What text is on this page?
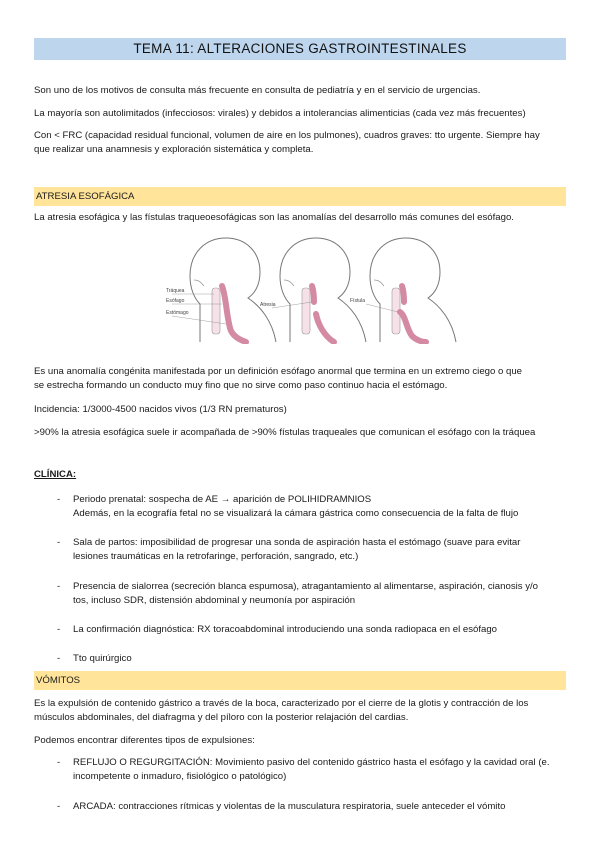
TEMA 11: ALTERACIONES GASTROINTESTINALES
Son uno de los motivos de consulta más frecuente en consulta de pediatría y en el servicio de urgencias.
La mayoría son autolimitados (infecciosos: virales) y debidos a intolerancias alimenticias (cada vez más frecuentes)
Con < FRC (capacidad residual funcional, volumen de aire en los pulmones), cuadros graves: tto urgente. Siempre hay
que realizar una anamnesis y exploración sistemática y completa.
ATRESIA ESOFÁGICA
La atresia esofágica y las fístulas traqueoesofágicas son las anomalías del desarrollo más comunes del esófago.
Tráquea
Esófago
Estómago
Atresia
Fístula
Es una anomalía congénita manifestada por un definición esófago anormal que termina en un extremo ciego o que
se estrecha formando un conducto muy fino que no sirve como paso continuo hacia el estómago.
Incidencia: 1/3000-4500 nacidos vivos (1/3 RN prematuros)
>90% la atresia esofágica suele ir acompañada de >90% fístulas traqueales que comunican el esófago con la tráquea
CLÍNICA:
- Periodo prenatal: sospecha de AE → aparición de POLIHIDRAMNIOS
Además, en la ecografía fetal no se visualizará la cámara gástrica como consecuencia de la falta de flujo
- Sala de partos: imposibilidad de progresar una sonda de aspiración hasta el estómago (suave para evitar
lesiones traumáticas en la retrofaringe, perforación, sangrado, etc.)
- Presencia de sialorrea (secreción blanca espumosa), atragantamiento al alimentarse, aspiración, cianosis y/o
tos, incluso SDR, distensión abdominal y neumonía por aspiración
- La confirmación diagnóstica: RX toracoabdominal introduciendo una sonda radiopaca en el esófago
- Tto quirúrgico
VÓMITOS
Es la expulsión de contenido gástrico a través de la boca, caracterizado por el cierre de la glotis y contracción de los
músculos abdominales, del diafragma y del píloro con la posterior relajación del cardias.
Podemos encontrar diferentes tipos de expulsiones:
- REFLUJO O REGURGITACIÓN: Movimiento pasivo del contenido gástrico hasta el esófago y la cavidad oral (e.
incompetente o inmaduro, fisiológico o patológico)
- ARCADA: contracciones rítmicas y violentas de la musculatura respiratoria, suele anteceder el vómito
